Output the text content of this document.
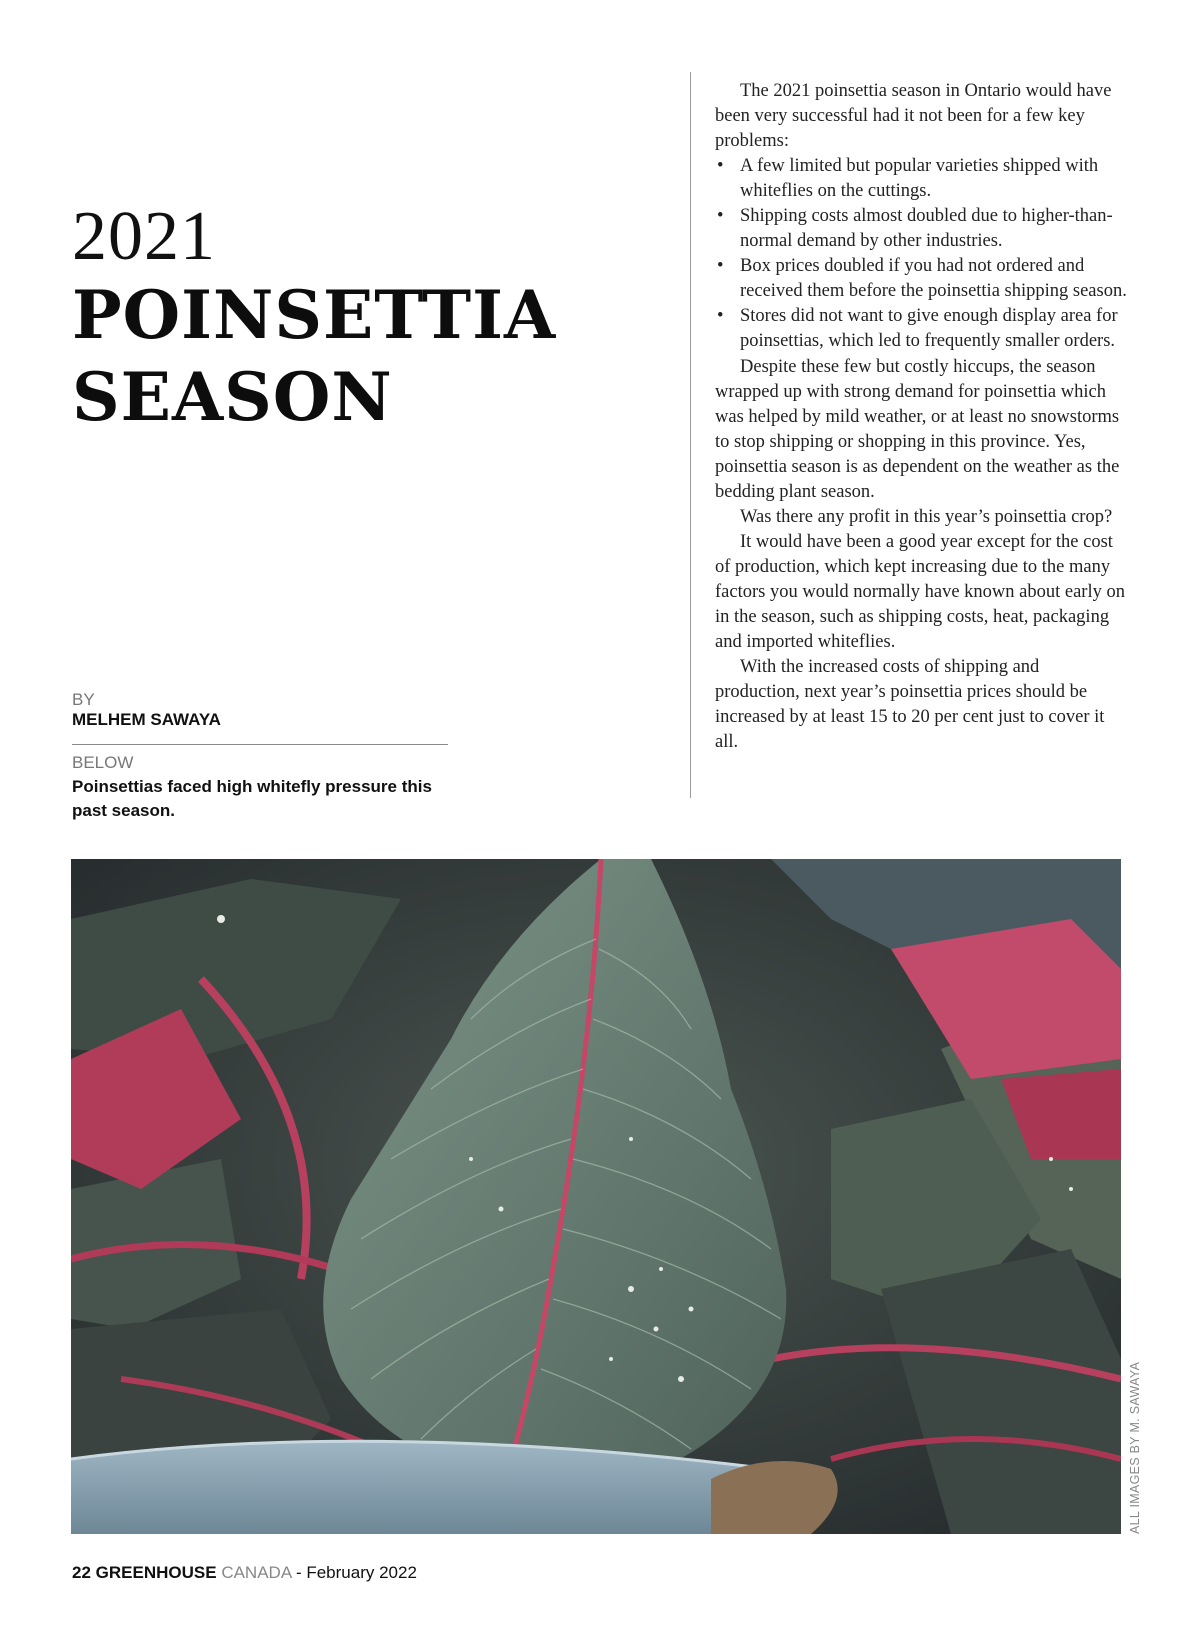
2021
POINSETTIA
SEASON
BY
MELHEM SAWAYA
BELOW
Poinsettias faced high whitefly pressure this past season.

The 2021 poinsettia season in Ontario would have been very successful had it not been for a few key problems:

• A few limited but popular varieties shipped with whiteflies on the cuttings.
• Shipping costs almost doubled due to higher-than-normal demand by other industries.
• Box prices doubled if you had not ordered and received them before the poinsettia shipping season.
• Stores did not want to give enough display area for poinsettias, which led to frequently smaller orders.

Despite these few but costly hiccups, the season wrapped up with strong demand for poinsettia which was helped by mild weather, or at least no snowstorms to stop shipping or shopping in this province. Yes, poinsettia season is as dependent on the weather as the bedding plant season.

Was there any profit in this year’s poinsettia crop?

It would have been a good year except for the cost of production, which kept increasing due to the many factors you would normally have known about early on in the season, such as shipping costs, heat, packaging and imported whiteflies.

With the increased costs of shipping and production, next year’s poinsettia prices should be increased by at least 15 to 20 per cent just to cover it all.

ALL IMAGES BY M. SAWAYA
22 GREENHOUSE CANADA - February 2022
